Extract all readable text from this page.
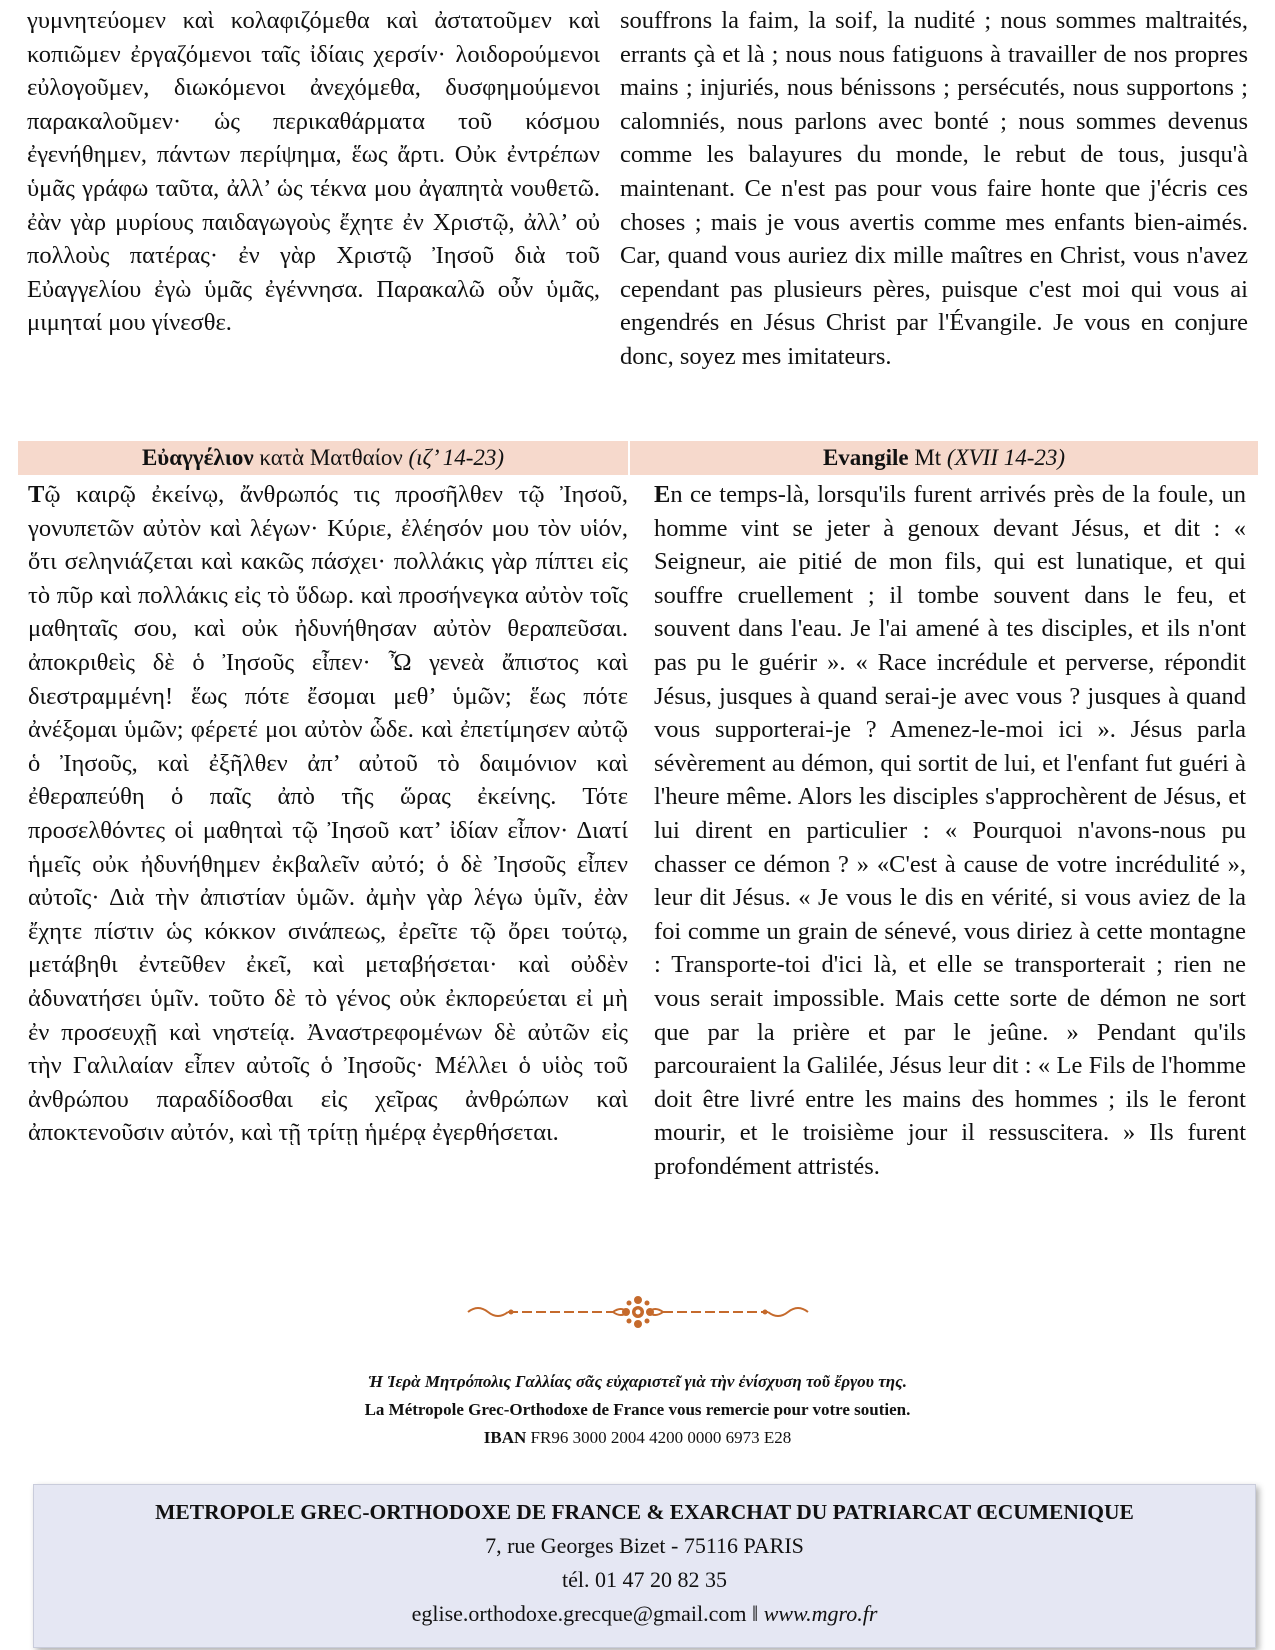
γυμνητεύομεν καὶ κολαφιζόμεθα καὶ ἀστατοῦμεν καὶ κοπιῶμεν ἐργαζόμενοι ταῖς ἰδίαις χερσίν· λοιδορούμενοι εὐλογοῦμεν, διωκόμενοι ἀνεχόμεθα, δυσφημούμενοι παρακαλοῦμεν· ὡς περικαθάρματα τοῦ κόσμου ἐγενήθημεν, πάντων περίψημα, ἕως ἄρτι. Οὐκ ἐντρέπων ὑμᾶς γράφω ταῦτα, ἀλλ’ ὡς τέκνα μου ἀγαπητὰ νουθετῶ. ἐὰν γὰρ μυρίους παιδαγωγοὺς ἔχητε ἐν Χριστῷ, ἀλλ’ οὐ πολλοὺς πατέρας· ἐν γὰρ Χριστῷ Ἰησοῦ διὰ τοῦ Εὐαγγελίου ἐγὼ ὑμᾶς ἐγέννησα. Παρακαλῶ οὖν ὑμᾶς, μιμηταί μου γίνεσθε.

souffrons la faim, la soif, la nudité ; nous sommes maltraités, errants çà et là ; nous nous fatiguons à travailler de nos propres mains ; injuriés, nous bénissons ; persécutés, nous supportons ; calomniés, nous parlons avec bonté ; nous sommes devenus comme les balayures du monde, le rebut de tous, jusqu'à maintenant. Ce n'est pas pour vous faire honte que j'écris ces choses ; mais je vous avertis comme mes enfants bien-aimés. Car, quand vous auriez dix mille maîtres en Christ, vous n'avez cependant pas plusieurs pères, puisque c'est moi qui vous ai engendrés en Jésus Christ par l'Évangile. Je vous en conjure donc, soyez mes imitateurs.

Εὐαγγέλιον κατὰ Ματθαίον (ιζ’ 14-23)	Evangile Mt (XVII 14-23)

Τῷ καιρῷ ἐκείνῳ, ἄνθρωπός τις προσῆλθεν τῷ Ἰησοῦ, γονυπετῶν αὐτὸν καὶ λέγων· Κύριε, ἐλέησόν μου τὸν υἱόν, ὅτι σεληνιάζεται καὶ κακῶς πάσχει· πολλάκις γὰρ πίπτει εἰς τὸ πῦρ καὶ πολλάκις εἰς τὸ ὕδωρ. καὶ προσήνεγκα αὐτὸν τοῖς μαθηταῖς σου, καὶ οὐκ ἠδυνήθησαν αὐτὸν θεραπεῦσαι. ἀποκριθεὶς δὲ ὁ Ἰησοῦς εἶπεν· Ὦ γενεὰ ἄπιστος καὶ διεστραμμένη! ἕως πότε ἔσομαι μεθ’ ὑμῶν; ἕως πότε ἀνέξομαι ὑμῶν; φέρετέ μοι αὐτὸν ὧδε. καὶ ἐπετίμησεν αὐτῷ ὁ Ἰησοῦς, καὶ ἐξῆλθεν ἀπ’ αὐτοῦ τὸ δαιμόνιον καὶ ἐθεραπεύθη ὁ παῖς ἀπὸ τῆς ὥρας ἐκείνης. Τότε προσελθόντες οἱ μαθηταὶ τῷ Ἰησοῦ κατ’ ἰδίαν εἶπον· Διατί ἡμεῖς οὐκ ἠδυνήθημεν ἐκβαλεῖν αὐτό; ὁ δὲ Ἰησοῦς εἶπεν αὐτοῖς· Διὰ τὴν ἀπιστίαν ὑμῶν. ἀμὴν γὰρ λέγω ὑμῖν, ἐὰν ἔχητε πίστιν ὡς κόκκον σινάπεως, ἐρεῖτε τῷ ὄρει τούτῳ, μετάβηθι ἐντεῦθεν ἐκεῖ, καὶ μεταβήσεται· καὶ οὐδὲν ἀδυνατήσει ὑμῖν. τοῦτο δὲ τὸ γένος οὐκ ἐκπορεύεται εἰ μὴ ἐν προσευχῇ καὶ νηστείᾳ. Ἀναστρεφομένων δὲ αὐτῶν εἰς τὴν Γαλιλαίαν εἶπεν αὐτοῖς ὁ Ἰησοῦς· Μέλλει ὁ υἱὸς τοῦ ἀνθρώπου παραδίδοσθαι εἰς χεῖρας ἀνθρώπων καὶ ἀποκτενοῦσιν αὐτόν, καὶ τῇ τρίτῃ ἡμέρᾳ ἐγερθήσεται.

En ce temps-là, lorsqu'ils furent arrivés près de la foule, un homme vint se jeter à genoux devant Jésus, et dit : « Seigneur, aie pitié de mon fils, qui est lunatique, et qui souffre cruellement ; il tombe souvent dans le feu, et souvent dans l'eau. Je l'ai amené à tes disciples, et ils n'ont pas pu le guérir ». « Race incrédule et perverse, répondit Jésus, jusques à quand serai-je avec vous ? jusques à quand vous supporterai-je ? Amenez-le-moi ici ». Jésus parla sévèrement au démon, qui sortit de lui, et l'enfant fut guéri à l'heure même. Alors les disciples s'approchèrent de Jésus, et lui dirent en particulier : « Pourquoi n'avons-nous pu chasser ce démon ? » «C'est à cause de votre incrédulité », leur dit Jésus. « Je vous le dis en vérité, si vous aviez de la foi comme un grain de sénevé, vous diriez à cette montagne : Transporte-toi d'ici là, et elle se transporterait ; rien ne vous serait impossible. Mais cette sorte de démon ne sort que par la prière et par le jeûne. » Pendant qu'ils parcouraient la Galilée, Jésus leur dit : « Le Fils de l'homme doit être livré entre les mains des hommes ; ils le feront mourir, et le troisième jour il ressuscitera. » Ils furent profondément attristés.

Ἡ Ἱερὰ Μητρόπολις Γαλλίας σᾶς εὐχαριστεῖ γιὰ τὴν ἐνίσχυση τοῦ ἔργου της.
La Métropole Grec-Orthodoxe de France vous remercie pour votre soutien.
IBAN FR96 3000 2004 4200 0000 6973 E28
METROPOLE GREC-ORTHODOXE DE FRANCE & EXARCHAT DU PATRIARCAT ŒCUMENIQUE
7, rue Georges Bizet - 75116 PARIS
tél. 01 47 20 82 35
eglise.orthodoxe.grecque@gmail.com ǁ www.mgro.fr
